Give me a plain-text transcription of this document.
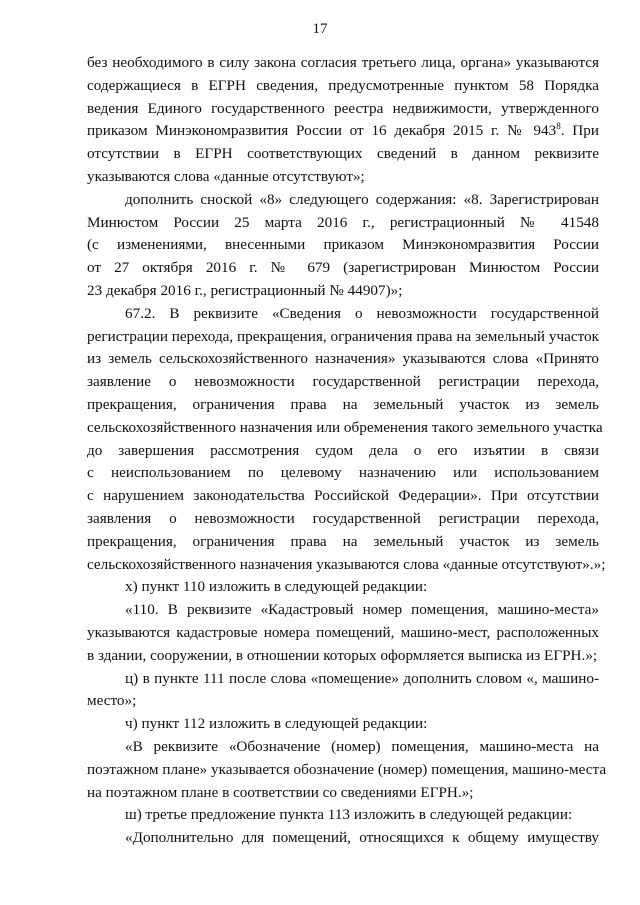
17
без необходимого в силу закона согласия третьего лица, органа» указываются
содержащиеся в ЕГРН сведения, предусмотренные пунктом 58 Порядка
ведения Единого государственного реестра недвижимости, утвержденного
приказом Минэкономразвития России от 16 декабря 2015 г. № $943^8$. При
отсутствии в ЕГРН соответствующих сведений в данном реквизите
указываются слова «данные отсутствуют»;
дополнить сноской «8» следующего содержания: «8. Зарегистрирован
Минюстом России 25 марта 2016 г., регистрационный № 41548
(с изменениями, внесенными приказом Минэкономразвития России
от 27 октября 2016 г. № 679 (зарегистрирован Минюстом России
23 декабря 2016 г., регистрационный № 44907)»;
67.2. В реквизите «Сведения о невозможности государственной
регистрации перехода, прекращения, ограничения права на земельный участок
из земель сельскохозяйственного назначения» указываются слова «Принято
заявление о невозможности государственной регистрации перехода,
прекращения, ограничения права на земельный участок из земель
сельскохозяйственного назначения или обременения такого земельного участка
до завершения рассмотрения судом дела о его изъятии в связи
с неиспользованием по целевому назначению или использованием
с нарушением законодательства Российской Федерации». При отсутствии
заявления о невозможности государственной регистрации перехода,
прекращения, ограничения права на земельный участок из земель
сельскохозяйственного назначения указываются слова «данные отсутствуют».»;
х) пункт 110 изложить в следующей редакции:
«110. В реквизите «Кадастровый номер помещения, машино-места»
указываются кадастровые номера помещений, машино-мест, расположенных
в здании, сооружении, в отношении которых оформляется выписка из ЕГРН.»;
ц) в пункте 111 после слова «помещение» дополнить словом «, машино-
место»;
ч) пункт 112 изложить в следующей редакции:
«В реквизите «Обозначение (номер) помещения, машино-места на
поэтажном плане» указывается обозначение (номер) помещения, машино-места
на поэтажном плане в соответствии со сведениями ЕГРН.»;
ш) третье предложение пункта 113 изложить в следующей редакции:
«Дополнительно для помещений, относящихся к общему имуществу
